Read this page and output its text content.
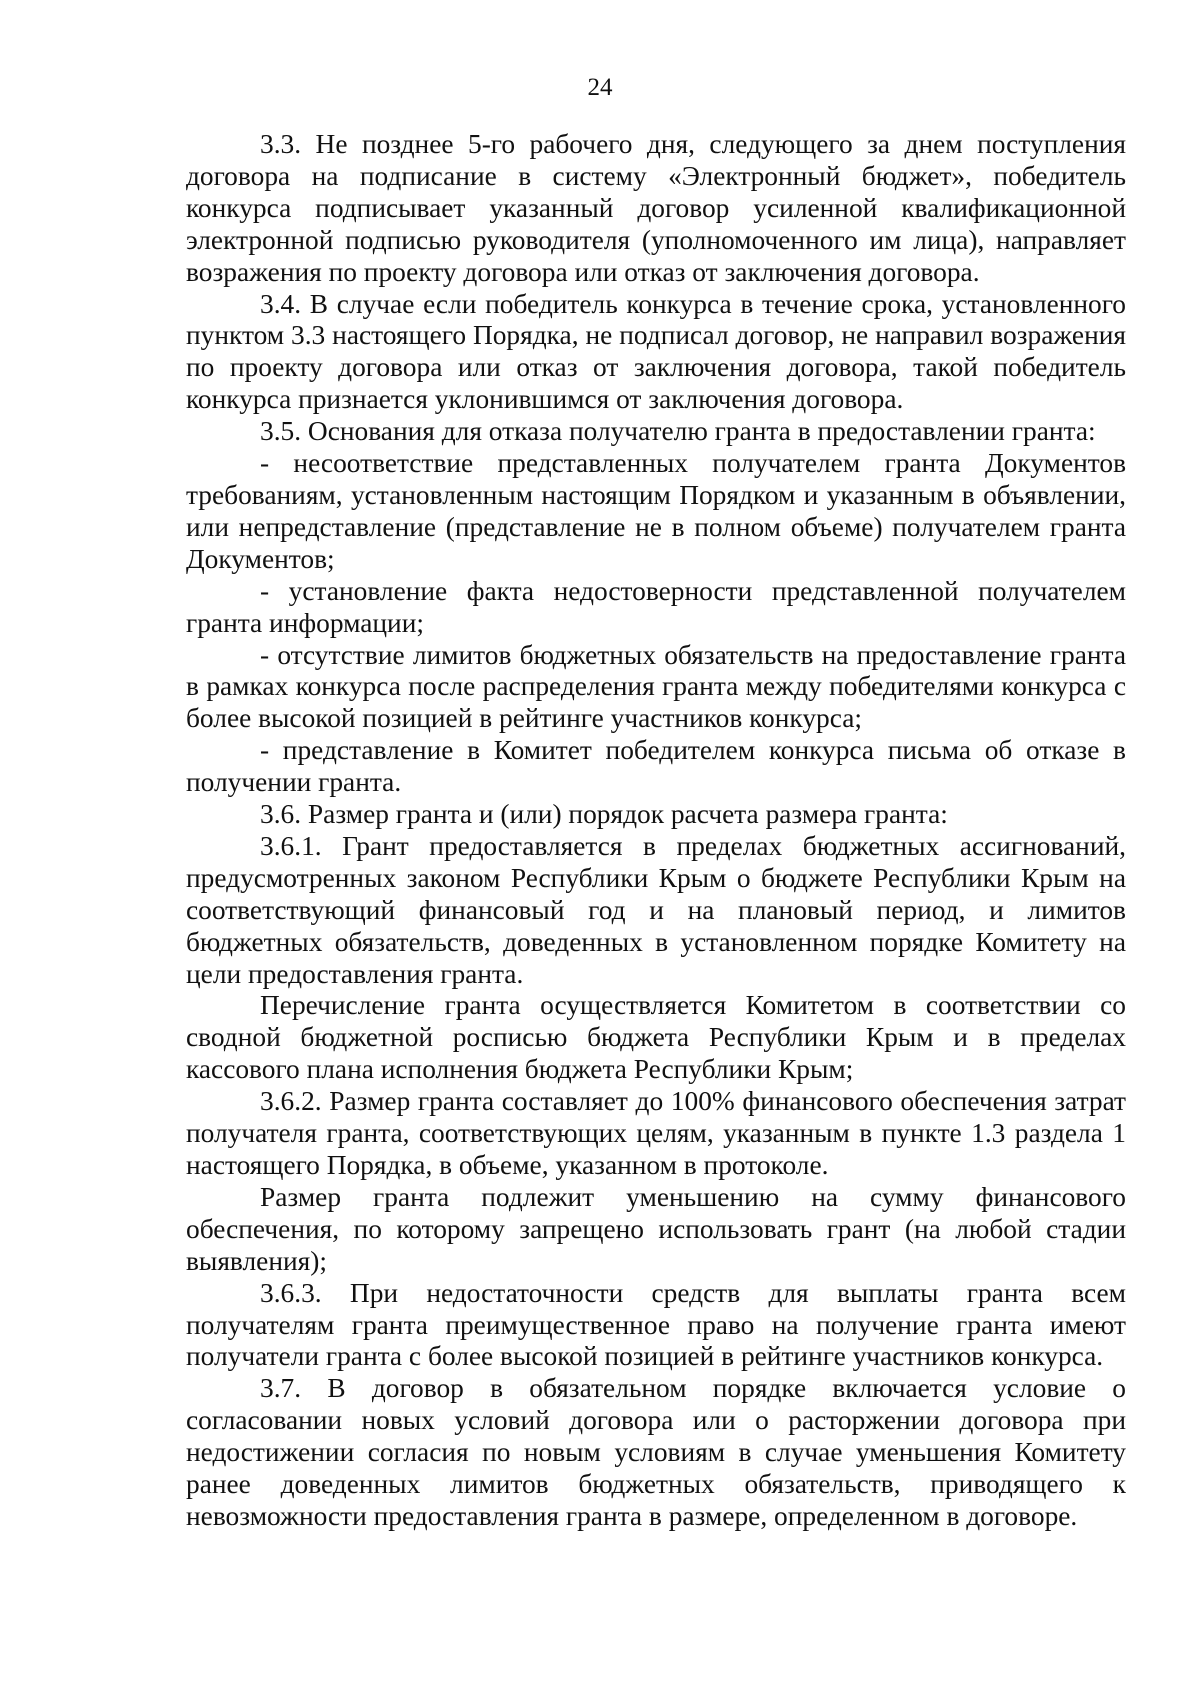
24

3.3. Не позднее 5-го рабочего дня, следующего за днем поступления договора на подписание в систему «Электронный бюджет», победитель конкурса подписывает указанный договор усиленной квалификационной электронной подписью руководителя (уполномоченного им лица), направляет возражения по проекту договора или отказ от заключения договора.

3.4. В случае если победитель конкурса в течение срока, установленного пунктом 3.3 настоящего Порядка, не подписал договор, не направил возражения по проекту договора или отказ от заключения договора, такой победитель конкурса признается уклонившимся от заключения договора.

3.5. Основания для отказа получателю гранта в предоставлении гранта:

- несоответствие представленных получателем гранта Документов требованиям, установленным настоящим Порядком и указанным в объявлении, или непредставление (представление не в полном объеме) получателем гранта Документов;

- установление факта недостоверности представленной получателем гранта информации;

- отсутствие лимитов бюджетных обязательств на предоставление гранта в рамках конкурса после распределения гранта между победителями конкурса с более высокой позицией в рейтинге участников конкурса;

- представление в Комитет победителем конкурса письма об отказе в получении гранта.

3.6. Размер гранта и (или) порядок расчета размера гранта:

3.6.1. Грант предоставляется в пределах бюджетных ассигнований, предусмотренных законом Республики Крым о бюджете Республики Крым на соответствующий финансовый год и на плановый период, и лимитов бюджетных обязательств, доведенных в установленном порядке Комитету на цели предоставления гранта.

Перечисление гранта осуществляется Комитетом в соответствии со сводной бюджетной росписью бюджета Республики Крым и в пределах кассового плана исполнения бюджета Республики Крым;

3.6.2. Размер гранта составляет до 100% финансового обеспечения затрат получателя гранта, соответствующих целям, указанным в пункте 1.3 раздела 1 настоящего Порядка, в объеме, указанном в протоколе.

Размер гранта подлежит уменьшению на сумму финансового обеспечения, по которому запрещено использовать грант (на любой стадии выявления);

3.6.3. При недостаточности средств для выплаты гранта всем получателям гранта преимущественное право на получение гранта имеют получатели гранта с более высокой позицией в рейтинге участников конкурса.

3.7. В договор в обязательном порядке включается условие о согласовании новых условий договора или о расторжении договора при недостижении согласия по новым условиям в случае уменьшения Комитету ранее доведенных лимитов бюджетных обязательств, приводящего к невозможности предоставления гранта в размере, определенном в договоре.
